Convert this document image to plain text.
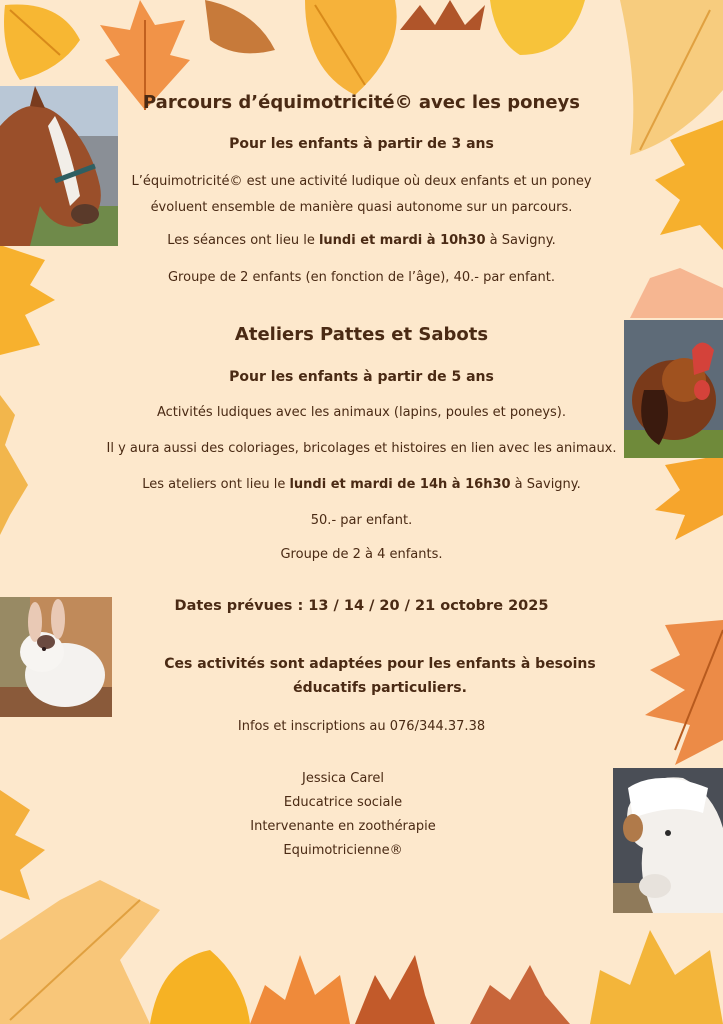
Parcours d’équimotricité© avec les poneys
Pour les enfants à partir de 3 ans
L’équimotricité© est une activité ludique où deux enfants et un poney
évoluent ensemble de manière quasi autonome sur un parcours.
Les séances ont lieu le lundi et mardi à 10h30 à Savigny.
Groupe de 2 enfants (en fonction de l’âge), 40.- par enfant.
Ateliers Pattes et Sabots
Pour les enfants à partir de 5 ans
Activités ludiques avec les animaux (lapins, poules et poneys).
Il y aura aussi des coloriages, bricolages et histoires en lien avec les animaux.
Les ateliers ont lieu le lundi et mardi de 14h à 16h30 à Savigny.
50.- par enfant.
Groupe de 2 à 4 enfants.
Dates prévues : 13 / 14 / 20 / 21 octobre 2025
Ces activités sont adaptées pour les enfants à besoins éducatifs particuliers.
Infos et inscriptions au 076/344.37.38
Jessica Carel
Educatrice sociale
Intervenante en zoothérapie
Equimotricienne®
